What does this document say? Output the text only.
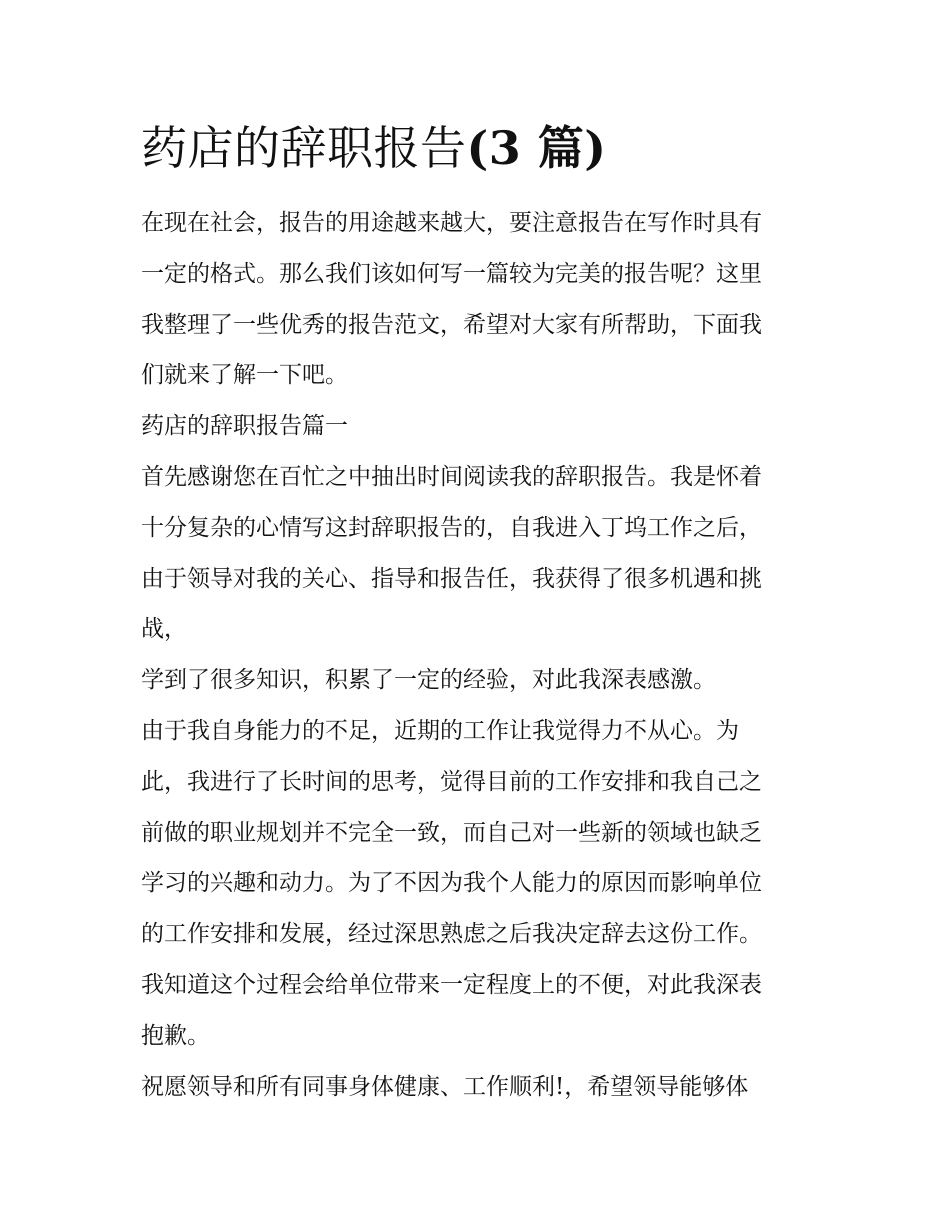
药店的辞职报告(3 篇)
在现在社会，报告的用途越来越大，要注意报告在写作时具有
一定的格式。那么我们该如何写一篇较为完美的报告呢？这里
我整理了一些优秀的报告范文，希望对大家有所帮助，下面我
们就来了解一下吧。
药店的辞职报告篇一
首先感谢您在百忙之中抽出时间阅读我的辞职报告。我是怀着
十分复杂的心情写这封辞职报告的，自我进入丁坞工作之后，
由于领导对我的关心、指导和报告任，我获得了很多机遇和挑
战，
学到了很多知识，积累了一定的经验，对此我深表感激。
由于我自身能力的不足，近期的工作让我觉得力不从心。为
此，我进行了长时间的思考，觉得目前的工作安排和我自己之
前做的职业规划并不完全一致，而自己对一些新的领域也缺乏
学习的兴趣和动力。为了不因为我个人能力的原因而影响单位
的工作安排和发展，经过深思熟虑之后我决定辞去这份工作。
我知道这个过程会给单位带来一定程度上的不便，对此我深表
抱歉。
祝愿领导和所有同事身体健康、工作顺利!，希望领导能够体
